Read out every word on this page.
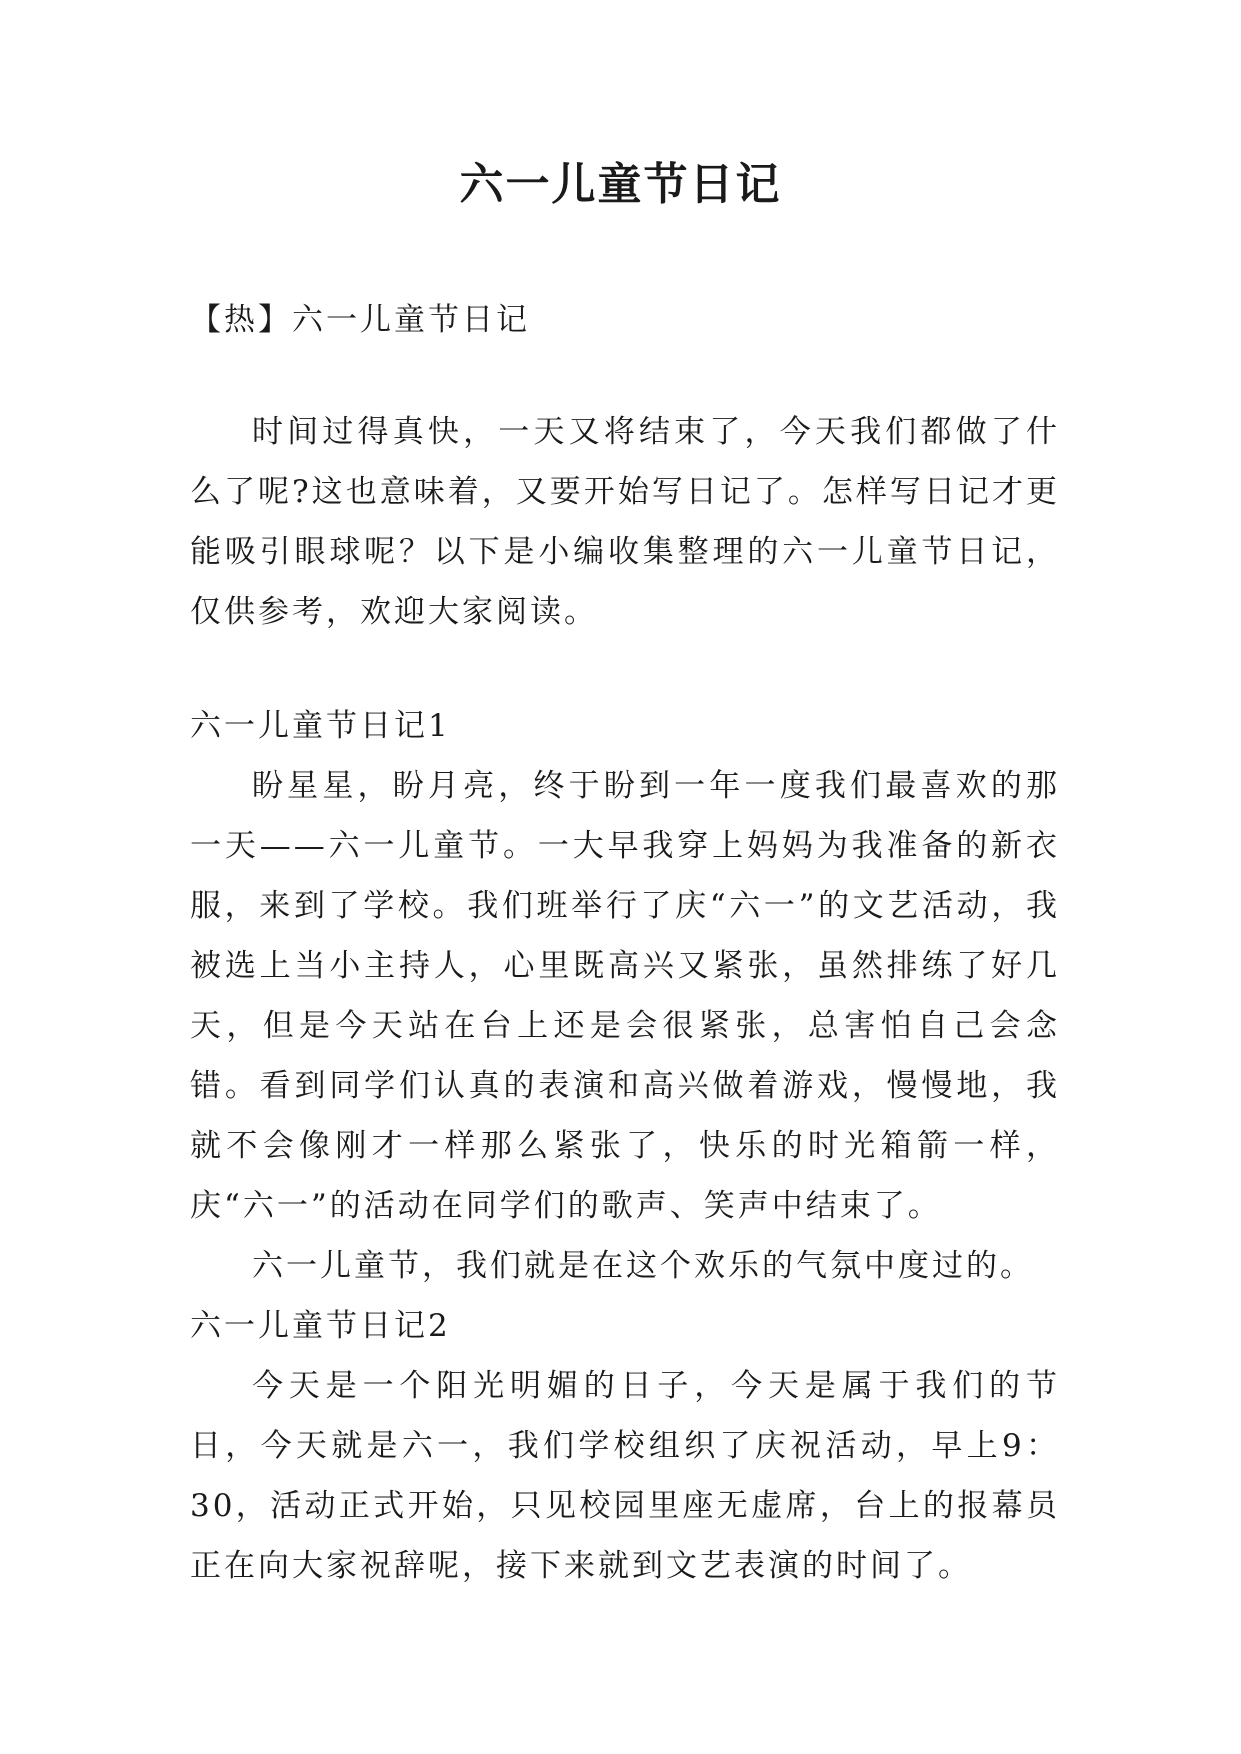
六一儿童节日记

【热】六一儿童节日记

时间过得真快，一天又将结束了，今天我们都做了什么了呢?这也意味着，又要开始写日记了。怎样写日记才更能吸引眼球呢？以下是小编收集整理的六一儿童节日记，仅供参考，欢迎大家阅读。

六一儿童节日记1

盼星星，盼月亮，终于盼到一年一度我们最喜欢的那一天——六一儿童节。一大早我穿上妈妈为我准备的新衣服，来到了学校。我们班举行了庆“六一”的文艺活动，我被选上当小主持人，心里既高兴又紧张，虽然排练了好几天，但是今天站在台上还是会很紧张，总害怕自己会念错。看到同学们认真的表演和高兴做着游戏，慢慢地，我就不会像刚才一样那么紧张了，快乐的时光箱箭一样，庆“六一”的活动在同学们的歌声、笑声中结束了。

六一儿童节，我们就是在这个欢乐的气氛中度过的。

六一儿童节日记2

今天是一个阳光明媚的日子，今天是属于我们的节日，今天就是六一，我们学校组织了庆祝活动，早上9：30，活动正式开始，只见校园里座无虚席，台上的报幕员正在向大家祝辞呢，接下来就到文艺表演的时间了。
